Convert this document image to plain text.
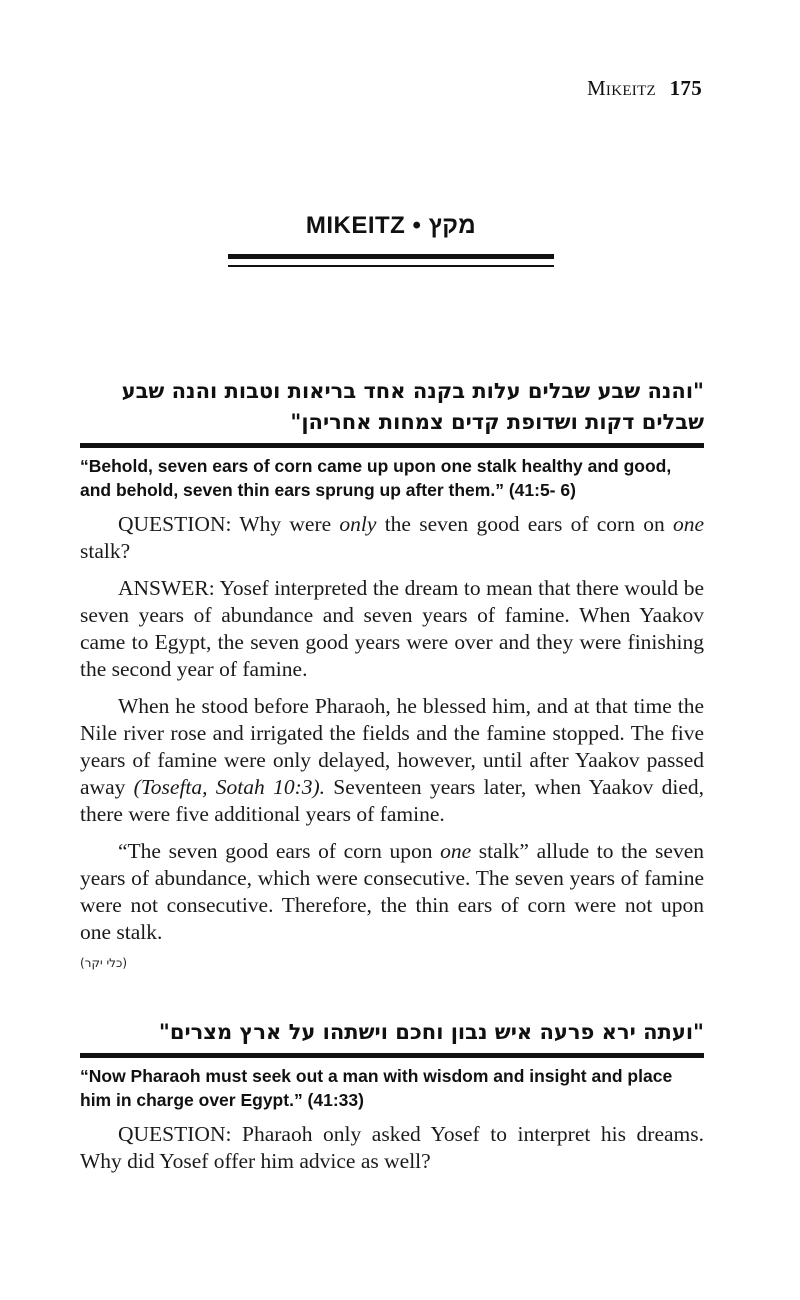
Mikeitz 175
MIKEITZ • מקץ
"והנה שבע שבלים עלות בקנה אחד בריאות וטבות והנה שבע
שבלים דקות ושדופת קדים צמחות אחריהן"
“Behold, seven ears of corn came up upon one stalk healthy and good, and behold, seven thin ears sprung up after them.” (41:5- 6)

QUESTION: Why were only the seven good ears of corn on one stalk?

ANSWER: Yosef interpreted the dream to mean that there would be seven years of abundance and seven years of famine. When Yaakov came to Egypt, the seven good years were over and they were finishing the second year of famine.

When he stood before Pharaoh, he blessed him, and at that time the Nile river rose and irrigated the fields and the famine stopped. The five years of famine were only delayed, however, until after Yaakov passed away (Tosefta, Sotah 10:3). Seventeen years later, when Yaakov died, there were five additional years of famine.

“The seven good ears of corn upon one stalk” allude to the seven years of abundance, which were consecutive. The seven years of famine were not consecutive. Therefore, the thin ears of corn were not upon one stalk.

(כלי יקר)
"ועתה ירא פרעה איש נבון וחכם וישתהו על ארץ מצרים"
“Now Pharaoh must seek out a man with wisdom and insight and place him in charge over Egypt.” (41:33)

QUESTION: Pharaoh only asked Yosef to interpret his dreams. Why did Yosef offer him advice as well?
